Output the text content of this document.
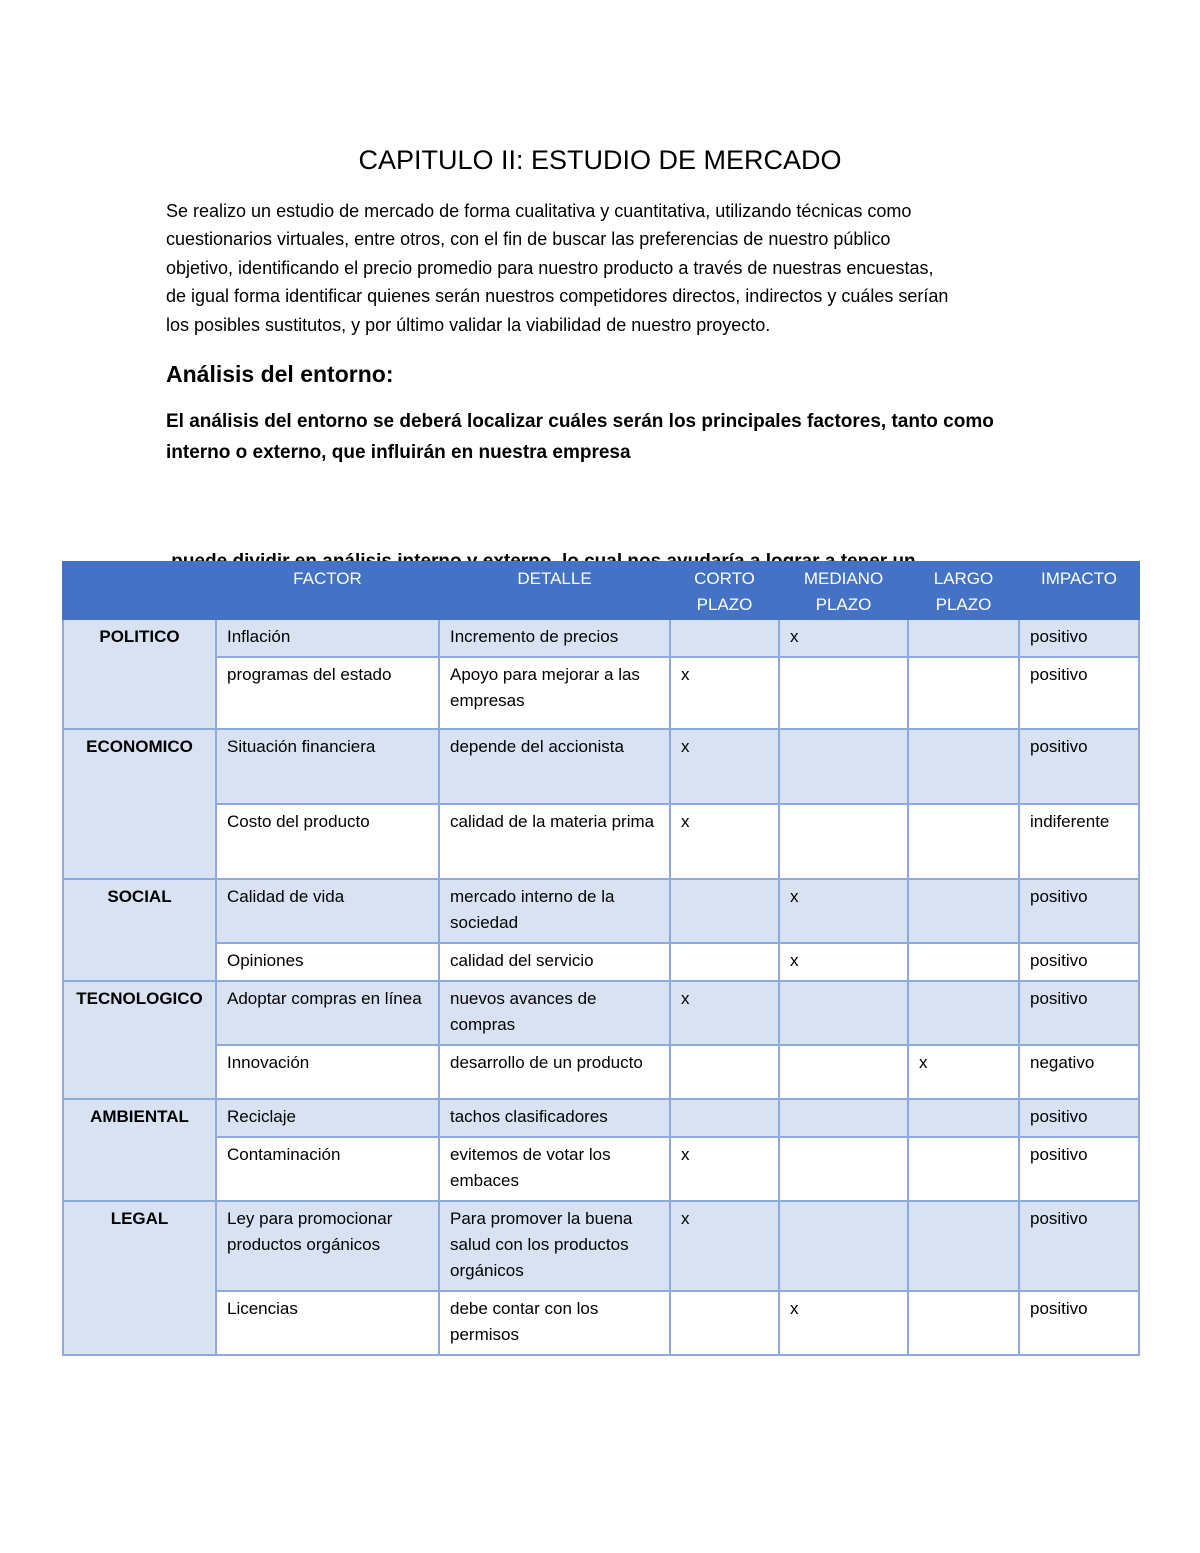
CAPITULO II: ESTUDIO DE MERCADO
Se realizo un estudio de mercado de forma cualitativa y cuantitativa, utilizando técnicas como
cuestionarios virtuales, entre otros, con el fin de buscar las preferencias de nuestro público
objetivo, identificando el precio promedio para nuestro producto a través de nuestras encuestas,
de igual forma identificar quienes serán nuestros competidores directos, indirectos y cuáles serían
los posibles sustitutos, y por último validar la viabilidad de nuestro proyecto.
Análisis del entorno:
El análisis del entorno se deberá localizar cuáles serán los principales factores, tanto como
interno o externo, que influirán en nuestra empresa

	FACTOR	DETALLE	CORTO PLAZO	MEDIANO PLAZO	LARGO PLAZO	IMPACTO
POLITICO	Inflación	Incremento de precios		x		positivo
	programas del estado	Apoyo para mejorar a las empresas	x			positivo
ECONOMICO	Situación financiera	depende del accionista	x			positivo
	Costo del producto	calidad de la materia prima	x			indiferente
SOCIAL	Calidad de vida	mercado interno de la sociedad		x		positivo
	Opiniones	calidad del servicio		x		positivo
TECNOLOGICO	Adoptar compras en línea	nuevos avances de compras	x			positivo
	Innovación	desarrollo de un producto			x	negativo
AMBIENTAL	Reciclaje	tachos clasificadores				positivo
	Contaminación	evitemos de votar los embaces	x			positivo
LEGAL	Ley para promocionar productos orgánicos	Para promover la buena salud con los productos orgánicos	x			positivo
	Licencias	debe contar con los permisos		x		positivo
